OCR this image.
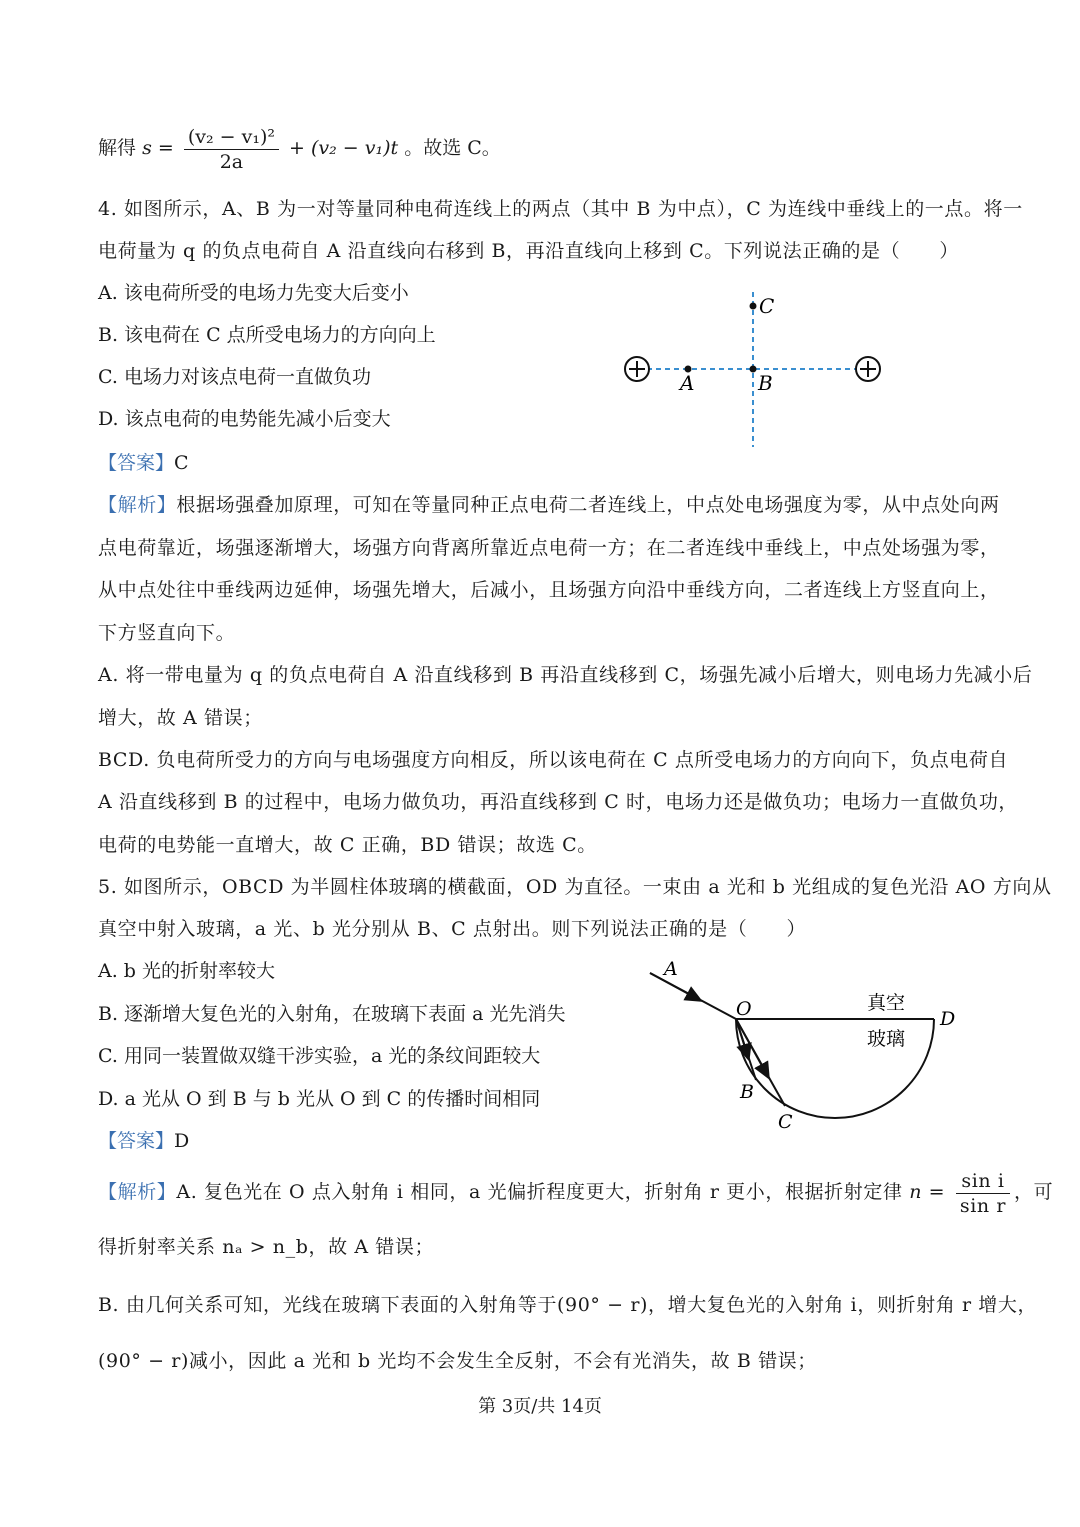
解得 $s = \frac{\text{(v₂ − v₁)²}}{2a} + (v_2 - v_1)t$ 。故选 C。
4. 如图所示，A、B 为一对等量同种电荷连线上的两点（其中 B 为中点），C 为连线中垂线上的一点。将一
电荷量为 q 的负点电荷自 A 沿直线向右移到 B，再沿直线向上移到 C。下列说法正确的是（　　）
A. 该电荷所受的电场力先变大后变小
B. 该电荷在 C 点所受电场力的方向向上
C. 电场力对该点电荷一直做负功
D. 该点电荷的电势能先减小后变大
A	B
C
【答案】C
【解析】根据场强叠加原理，可知在等量同种正点电荷二者连线上，中点处电场强度为零，从中点处向两
点电荷靠近，场强逐渐增大，场强方向背离所靠近点电荷一方；在二者连线中垂线上，中点处场强为零，
从中点处往中垂线两边延伸，场强先增大，后减小，且场强方向沿中垂线方向，二者连线上方竖直向上，
下方竖直向下。
A. 将一带电量为 q 的负点电荷自 A 沿直线移到 B 再沿直线移到 C，场强先减小后增大，则电场力先减小后
增大，故 A 错误；
BCD. 负电荷所受力的方向与电场强度方向相反，所以该电荷在 C 点所受电场力的方向向下，负点电荷自
A 沿直线移到 B 的过程中，电场力做负功，再沿直线移到 C 时，电场力还是做负功；电场力一直做负功，
电荷的电势能一直增大，故 C 正确，BD 错误；故选 C。
5. 如图所示，OBCD 为半圆柱体玻璃的横截面，OD 为直径。一束由 a 光和 b 光组成的复色光沿 AO 方向从
真空中射入玻璃，a 光、b 光分别从 B、C 点射出。则下列说法正确的是（　　）
A. b 光的折射率较大
B. 逐渐增大复色光的入射角，在玻璃下表面 a 光先消失
C. 用同一装置做双缝干涉实验，a 光的条纹间距较大
D. a 光从 O 到 B 与 b 光从 O 到 C 的传播时间相同
A
O
B
C
D
真空
玻璃
【答案】D
【解析】A. 复色光在 O 点入射角 i 相同，a 光偏折程度更大，折射角 r 更小，根据折射定律 $n = \frac{\text{sin i}}{\text{sin r}}$ ，可
得折射率关系 nₐ > n_b，故 A 错误；
B. 由几何关系可知，光线在玻璃下表面的入射角等于(90° − r)，增大复色光的入射角 i，则折射角 r 增大，
(90° − r)减小，因此 a 光和 b 光均不会发生全反射，不会有光消失，故 B 错误；
第 3页/共 14页
